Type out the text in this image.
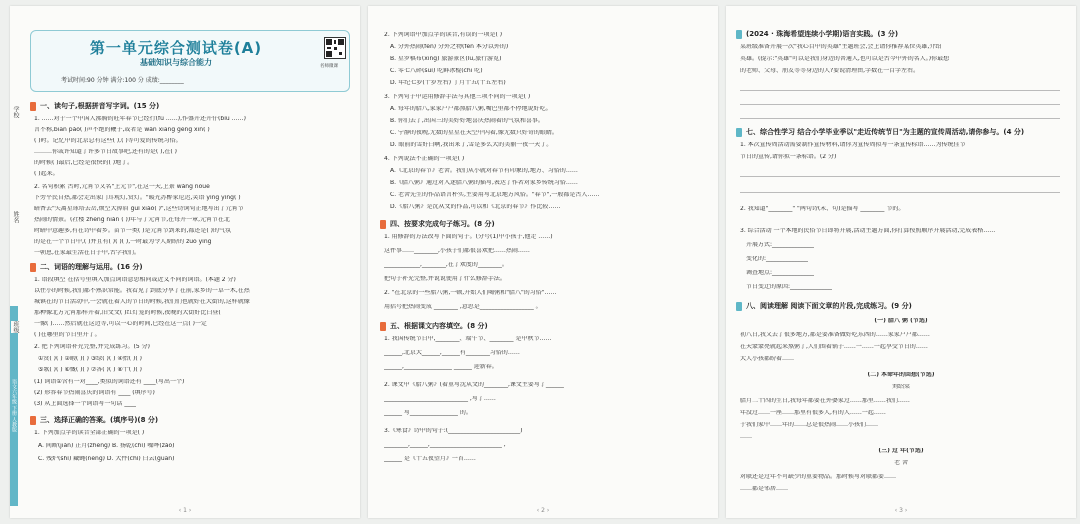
语文六年级 下册 人教版
学校
姓名
班级
第一单元综合测试卷(A)
基础知识与综合能力
考试时间:90 分钟 满分:100 分 成绩:________
名师微课
一、读句子,根据拼音写字词。(15 分)
1. ……对于一个中国人沸腾的旺年春节已经行(fú ……),作盛开还开仔(bìu ……)
言不称,biān pào( )声不绝的鞭子,或者是 wǎn xiāng gēng xīn( )
( )时。记忆中的北京总有这些( ),( )等可爱的传统习俗。
………你或许知道了许多节日故事吧,还有的是( ),在( )
的时候( )最后,已经是很快的( )地了。
( )起来。
2. 名句积累 古时,元宵节又名"上元节",在这一天,上景 wǎng nòue
下旁平民自热,都会走出家门耳观灯,赏灯。"暖光苏醉家尼迟,笑语 yíng yíng( )
暗香去"失离星球塔去岳,烦空大掉眉 guǐ xiào( )",这些诗词句正地写出了元宵节
热闹的情景。(社楼 zhēng nián ( ))年与了元宵节,在每开一章,元宵节在北
时暗中意趣多,有在诗中着乡。苗节一类( )是元宵节到来的,都还是( )的气氛
的是在一个节日中,( )并且有( )( )( ),一时最为令人期盼的 zuò yìng
一朝息,在家最生活在日子中,古学我们。
二、词语的理解与运用。(16 分)
1. 语段填空 在括号里填入加点词语意思相同或近义不同的词语。(本题 2 分)
以往小的时候,我们都不熟识常能。我看见了到底分享了在前,家乡的一草一木,在热
城镇在的节日活动中,一会就在着人的节日的时候,我们们也就好在大街的,这样就像
那种像北方元宵那样开着,旧文文( )红灯笼的时候,夜晚的大街好比白昼(
一像( )……然后就在这边等,可以一心的时间,已经在这一点( )一定
( )在哪里的节日里开了。
2. 把下列词语补充完整,并完成练习。(5 分)
①赏( )( ) ②暇( )( ) ③绿( )( ) ④抬( )( )
⑤歌( )( ) ⑥慨( )( ) ⑦各( )( ) ⑧十( )( )
(1) 词语①含有一对____,类似的词语还有 ____(写出一个)
(2) 形容春节热闹喜庆的词语有 ____ (填序号)
(3) 从上面选择一个词语写一句话 ____
三、选择正确的答案。(填序号)(8 分)
1. 下列加点字的读音全部正确的一项是( )
A. 间断(jiàn) 正月(zhēng) B. 扬乾(chǐ) 噪哗(zào)
C. 残炉(shǐ) 藏蝇(néng) D. 大件(chǐ) 白云(guān)
‹ 1 ›
2. 下列词语中加点字的读音,有误的一项是( )
A. 分外热闹(fèn) 分外之物(fèn 本分以外的)
B. 星罗棋布(xīng) 旅游景区(lǚ,旅行游览)
C. 零七八碎(suì) 吃鲜冰棍(chī 吃)
D. 年纪七岁(十岁左右) 丁月十五(十五左右)
3. 下列句子中运用修辞手法与其他三项不同的一项是( )
A. 每年的腊八,家家户户都熬腊八粥,嘴巴里都不停地说好吃。
B. 你们去了,出国三的美好好地喜庆热闹着的气氛和喜事。
C. 宁静的夜晚,无数的星星在天空中闪着,像无数只好奇的眼睛。
D. 眼前的雪好白啊,我出来了,雪是多么大的美丽一夜一天了。
4. 下列说法不正确的一项是( )
A.《北京的春节》老舍。我们从小就对春节有印象的,地方、习俗的……
B.《腊八粥》通过对入迷腊八粥的描写,表达了作者对家乡传统习俗……
C. 老舍先生的作品语言朴实,主要用写北京地方风俗。"春节",一般都是古人……
D.《腊八粥》是沈从文的作品,可以和《北京的春节》作比较……
四、按要求完成句子练习。(8 分)
1. 用修辞的方法改写下面的句子。(分号(1)中小孩子,他走 ……)
这件事……________,小孩子们都很喜欢把……热闹……
____________,________,在了欢度的________。
把句子补充完整,并说说使用了什么修辞手法。
2. "在北京的一些腊八粥,一顿,开始人们喝粥和"腊八"的习俗"……
用括号把热闹变成 ________ ,意思是__________________ 。
五、根据课文内容填空。(8 分)
1. 我国传统节日中,________、端午节、________ 是中秋节……
______,北京大______,______有________习俗的……
______,________________ ______ 迎新春。
2. 课文中《腊八粥》(着重写沈从文的________,课文主要写了______
____________________________ ,写了……
______ 写________________ 的。
3.《寒食》诗中的句子:(________________________)
________,______,________________________ ,
______ 是《十五夜望月》一首……
‹ 2 ›
(2024 · 珠海希望连续小学期)语言实践。(3 分)
某班级准备开展一次"我心目中的英雄"主题班会,会上请你推荐某位英雄,介绍
英雄。(提示:"英雄"可以是我们身边的普通人,也可以是古今中外的名人。)你最想
的老师、父母、朋友等等身边的人?要说清理由,字数在一百字左右。
七、综合性学习 结合小学毕业季以"走近传统节日"为主题的宣传周活动,请你参与。(4 分)
1. 本次宣传周活动需要制作宣传材料,请你为宣传周拟写一条宣传标语……为传统佳节
节日的宣传,请你拟一条标语。(2 分)
2. 我知道"________" "两句诗(末、句)是描写 ________ 节的。
3. 综合活动 一个本地的民俗节日即将开展,活动主题方面,你打算按照顺序开展活动,完成表格……
开展方式:______________
变化的:______________
调查地点:______________
节日变迁的原因:______________
八、阅读理解 阅读下面文章的片段,完成练习。(9 分)
(一) 腊八 粥 (节选)
初八日,我又去了很多地方,都是要准备做好吃东西的……家家户户都……
在天蒙蒙亮就起来熬粥了,人们围着锅子……一……一起享受节日的……
大人小孩都盼着……
(二) 本命年的回想(节选)
刘绍棠
腊月二十四的生日,我每年都要在外婆家过……那里……我们……
年没过……一座……那里有很多人,有的人……一起……
于我们家中……年的……总是很热闹……小孩们……
……
(三) 过 年(节选)
老 舍
对联还是过年不可缺少的重要物品。那时候写对联都要……
……都是邻居……
‹ 3 ›
